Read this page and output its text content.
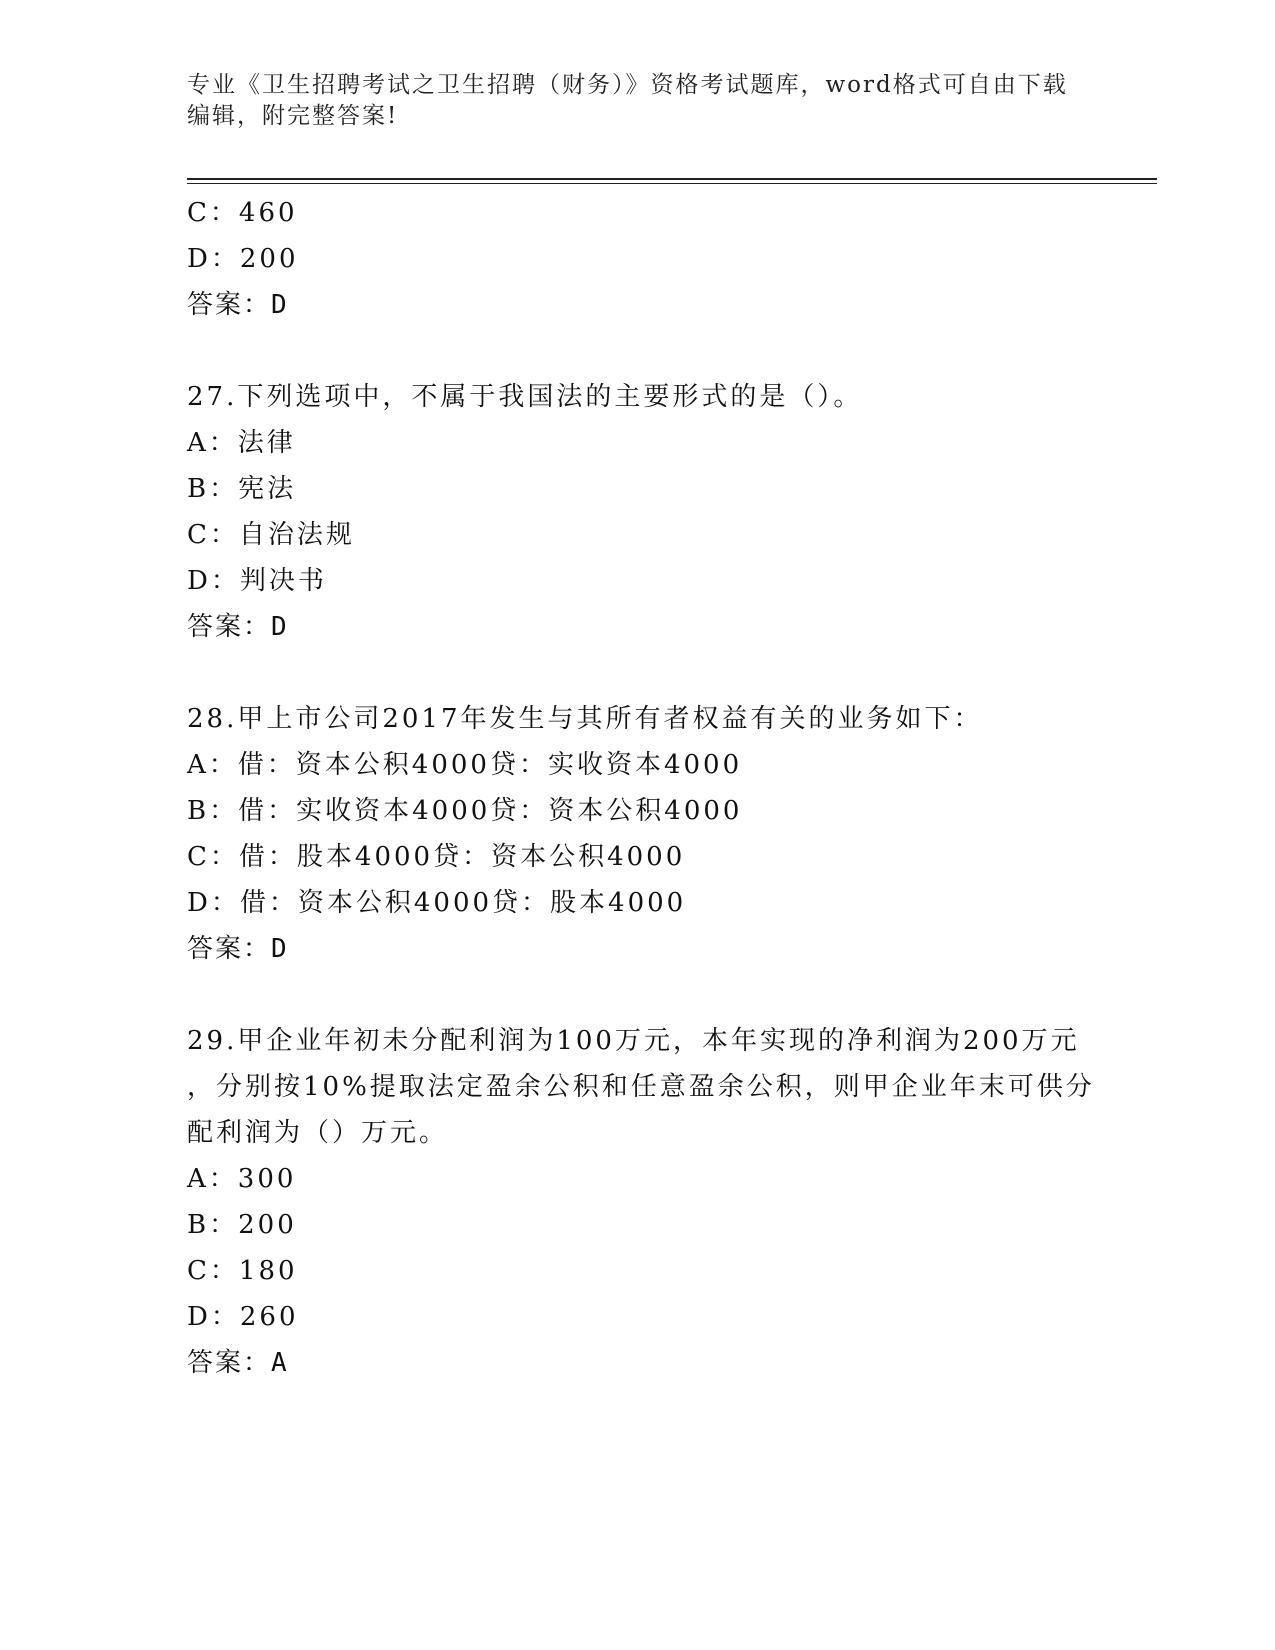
专业《卫生招聘考试之卫生招聘（财务）》资格考试题库，word格式可自由下载
编辑，附完整答案!
C：460
D：200
答案：D
27.下列选项中，不属于我国法的主要形式的是（）。
A：法律
B：宪法
C：自治法规
D：判决书
答案：D
28.甲上市公司2017年发生与其所有者权益有关的业务如下：
A：借：资本公积4000贷：实收资本4000
B：借：实收资本4000贷：资本公积4000
C：借：股本4000贷：资本公积4000
D：借：资本公积4000贷：股本4000
答案：D
29.甲企业年初未分配利润为100万元，本年实现的净利润为200万元
，分别按10%提取法定盈余公积和任意盈余公积，则甲企业年末可供分
配利润为（）万元。
A：300
B：200
C：180
D：260
答案：A
